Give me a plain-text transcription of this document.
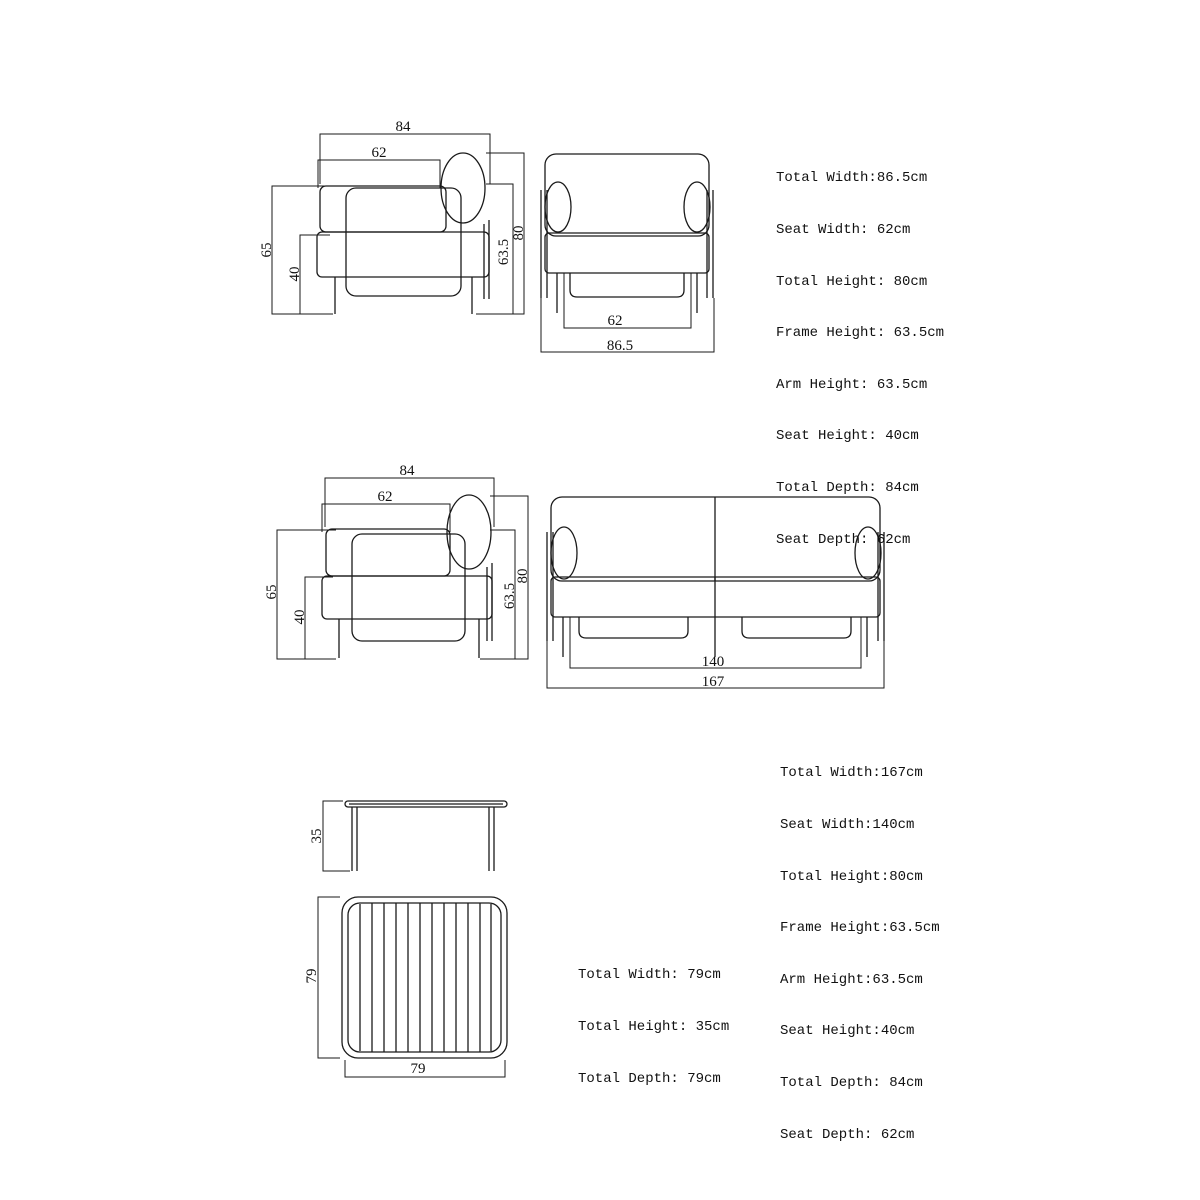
84
62
65
40
63.5
80
62
86.5
84
62
65
40
63.5
80
140
167
35
79
79

Total Width:86.5cm

Seat Width: 62cm

Total Height: 80cm

Frame Height: 63.5cm

Arm Height: 63.5cm

Seat Height: 40cm

Total Depth: 84cm

Seat Depth: 62cm

Total Width:167cm

Seat Width:140cm

Total Height:80cm

Frame Height:63.5cm

Arm Height:63.5cm

Seat Height:40cm

Total Depth: 84cm

Seat Depth: 62cm

Total Width: 79cm

Total Height: 35cm

Total Depth: 79cm
